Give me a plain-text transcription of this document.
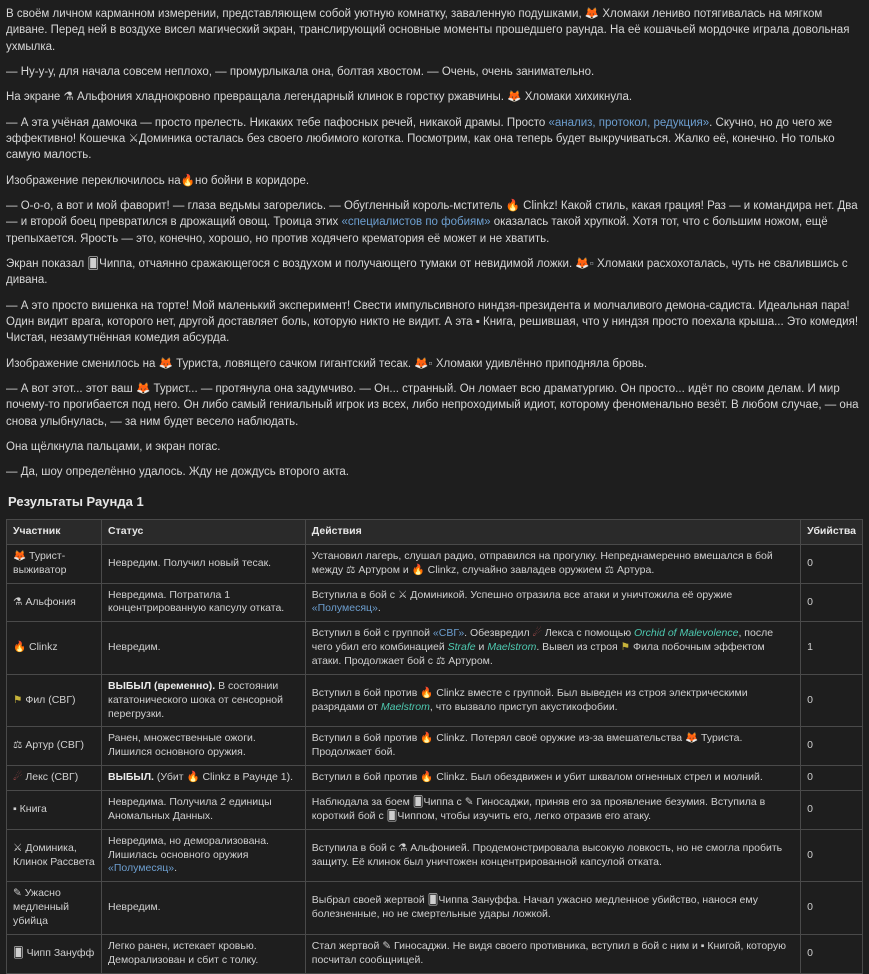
В своём личном карманном измерении, представляющем собой уютную комнатку, заваленную подушками, 🦊 Хломаки лениво потягивалась на мягком диване. Перед ней в воздухе висел магический экран, транслирующий основные моменты прошедшего раунда. На её кошачьей мордочке играла довольная ухмылка.

— Ну-у-у, для начала совсем неплохо, — промурлыкала она, болтая хвостом. — Очень, очень занимательно.

На экране ⚗ Альфония хладнокровно превращала легендарный клинок в горстку ржавчины. 🦊 Хломаки хихикнула.

— А эта учёная дамочка — просто прелесть. Никаких тебе пафосных речей, никакой драмы. Просто «анализ, протокол, редукция». Скучно, но до чего же эффективно! Кошечка ⚔Доминика осталась без своего любимого коготка. Посмотрим, как она теперь будет выкручиваться. Жалко её, конечно. Но только самую малость.

Изображение переключилось на🔥но бойни в коридоре.

— О-о-о, а вот и мой фаворит! — глаза ведьмы загорелись. — Обугленный король-мститель 🔥 Clinkz! Какой стиль, какая грация! Раз — и командира нет. Два — и второй боец превратился в дрожащий овощ. Троица этих «специалистов по фобиям» оказалась такой хрупкой. Хотя тот, что с большим ножом, ещё трепыхается. Ярость — это, конечно, хорошо, но против ходячего крематория её может и не хватить.

Экран показал 🂠Чиппа, отчаянно сражающегося с воздухом и получающего тумаки от невидимой ложки. 🦊▫ Хломаки расхохоталась, чуть не свалившись с дивана.

— А это просто вишенка на торте! Мой маленький эксперимент! Свести импульсивного ниндзя-президента и молчаливого демона-садиста. Идеальная пара! Один видит врага, которого нет, другой доставляет боль, которую никто не видит. А эта ▪ Книга, решившая, что у ниндзя просто поехала крыша... Это комедия! Чистая, незамутнённая комедия абсурда.

Изображение сменилось на 🦊 Туриста, ловящего сачком гигантский тесак. 🦊▫ Хломаки удивлённо приподняла бровь.

— А вот этот... этот ваш 🦊 Турист... — протянула она задумчиво. — Он... странный. Он ломает всю драматургию. Он просто... идёт по своим делам. И мир почему-то прогибается под него. Он либо самый гениальный игрок из всех, либо непроходимый идиот, которому феноменально везёт. В любом случае, — она снова улыбнулась, — за ним будет весело наблюдать.

Она щёлкнула пальцами, и экран погас.

— Да, шоу определённо удалось. Жду не дождусь второго акта.

Результаты Раунда 1
Участник	Статус	Действия	Убийства
🦊 Турист-выживатор	Невредим. Получил новый тесак.	Установил лагерь, слушал радио, отправился на прогулку. Непреднамеренно вмешался в бой между ⚖ Артуром и 🔥 Clinkz, случайно завладев оружием ⚖ Артура.	0
⚗ Альфония	Невредима. Потратила 1 концентрированную капсулу отката.	Вступила в бой с ⚔ Доминикой. Успешно отразила все атаки и уничтожила её оружие «Полумесяц».	0
🔥 Clinkz	Невредим.	Вступил в бой с группой «СВГ». Обезвредил ☄ Лекса с помощью Orchid of Malevolence, после чего убил его комбинацией Strafe и Maelstrom. Вывел из строя ⚑ Фила побочным эффектом атаки. Продолжает бой с ⚖ Артуром.	1
⚑ Фил (СВГ)	ВЫБЫЛ (временно). В состоянии кататонического шока от сенсорной перегрузки.	Вступил в бой против 🔥 Clinkz вместе с группой. Был выведен из строя электрическими разрядами от Maelstrom, что вызвало приступ акустикофобии.	0
⚖ Артур (СВГ)	Ранен, множественные ожоги. Лишился основного оружия.	Вступил в бой против 🔥 Clinkz. Потерял своё оружие из-за вмешательства 🦊 Туриста. Продолжает бой.	0
☄ Лекс (СВГ)	ВЫБЫЛ. (Убит 🔥 Clinkz в Раунде 1).	Вступил в бой против 🔥 Clinkz. Был обездвижен и убит шквалом огненных стрел и молний.	0
▪ Книга	Невредима. Получила 2 единицы Аномальных Данных.	Наблюдала за боем 🂠Чиппа с ✎ Гиносаджи, приняв его за проявление безумия. Вступила в короткий бой с 🂠Чиппом, чтобы изучить его, легко отразив его атаку.	0
⚔ Доминика, Клинок Рассвета	Невредима, но деморализована. Лишилась основного оружия «Полумесяц».	Вступила в бой с ⚗ Альфонией. Продемонстрировала высокую ловкость, но не смогла пробить защиту. Её клинок был уничтожен концентрированной капсулой отката.	0
✎ Ужасно медленный убийца	Невредим.	Выбрал своей жертвой 🂠Чиппа Зануффа. Начал ужасно медленное убийство, нанося ему болезненные, но не смертельные удары ложкой.	0
🂠 Чипп Зануфф	Легко ранен, истекает кровью. Деморализован и сбит с толку.	Стал жертвой ✎ Гиносаджи. Не видя своего противника, вступил в бой с ним и ▪ Книгой, которую посчитал сообщницей.	0
